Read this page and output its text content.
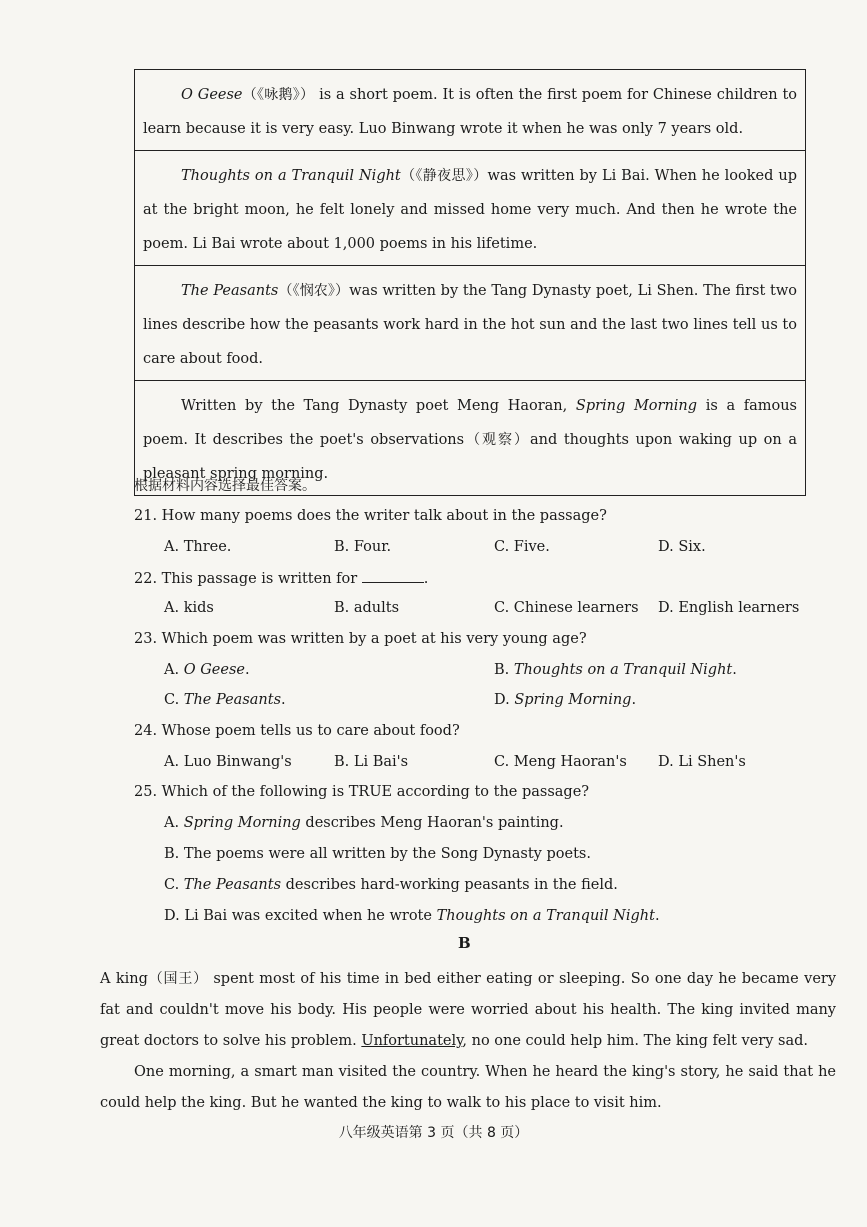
O Geese（《咏鹅》） is a short poem. It is often the first poem for Chinese children to learn because it is very easy. Luo Binwang wrote it when he was only 7 years old.
Thoughts on a Tranquil Night（《静夜思》）was written by Li Bai. When he looked up at the bright moon, he felt lonely and missed home very much. And then he wrote the poem. Li Bai wrote about 1,000 poems in his lifetime.
The Peasants（《悯农》）was written by the Tang Dynasty poet, Li Shen. The first two lines describe how the peasants work hard in the hot sun and the last two lines tell us to care about food.
Written by the Tang Dynasty poet Meng Haoran, Spring Morning is a famous poem. It describes the poet's observations（观察）and thoughts upon waking up on a pleasant spring morning.
根据材料内容选择最佳答案。
21. How many poems does the writer talk about in the passage?
A. Three.	B. Four.	C. Five.	D. Six.
22. This passage is written for	.
A. kids	B. adults	C. Chinese learners D. English learners
23. Which poem was written by a poet at his very young age?
A. O Geese.	B. Thoughts on a Tranquil Night.
C. The Peasants.	D. Spring Morning.
24. Whose poem tells us to care about food?
A. Luo Binwang's	B. Li Bai's	C. Meng Haoran's D. Li Shen's
25. Which of the following is TRUE according to the passage?
A. Spring Morning describes Meng Haoran's painting.
B. The poems were all written by the Song Dynasty poets.
C. The Peasants describes hard-working peasants in the field.
D. Li Bai was excited when he wrote Thoughts on a Tranquil Night.
B
A king（国王） spent most of his time in bed either eating or sleeping. So one day he became very fat and couldn't move his body. His people were worried about his health. The king invited many great doctors to solve his problem. Unfortunately, no one could help him. The king felt very sad.
One morning, a smart man visited the country. When he heard the king's story, he said that he could help the king. But he wanted the king to walk to his place to visit him.
八年级英语第 3 页（共 8 页）
